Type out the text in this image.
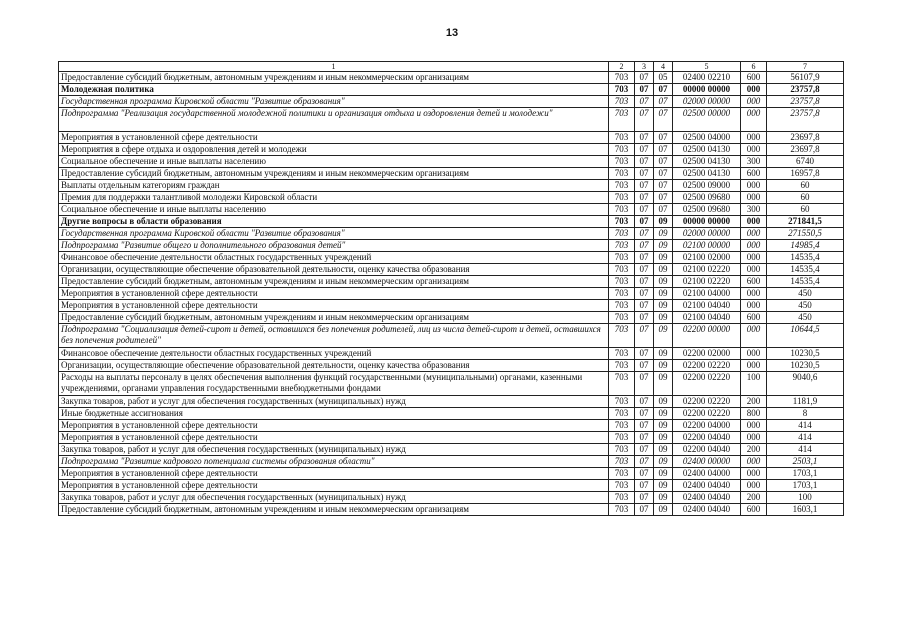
13
1	2	3	4	5	6	7
Предоставление субсидий бюджетным, автономным учреждениям и иным некоммерческим организациям	703	07	05	02400 02210	600	56107,9
Молодежная политика	703	07	07	00000 00000	000	23757,8
Государственная программа Кировской области "Развитие образования"	703	07	07	02000 00000	000	23757,8
Подпрограмма "Реализация государственной молодежной политики и организация отдыха и оздоровления детей и молодежи"	703	07	07	02500 00000	000	23757,8
Мероприятия в установленной сфере деятельности	703	07	07	02500 04000	000	23697,8
Мероприятия в сфере отдыха и оздоровления детей и молодежи	703	07	07	02500 04130	000	23697,8
Социальное обеспечение и иные выплаты населению	703	07	07	02500 04130	300	6740
Предоставление субсидий бюджетным, автономным учреждениям и иным некоммерческим организациям	703	07	07	02500 04130	600	16957,8
Выплаты отдельным категориям граждан	703	07	07	02500 09000	000	60
Премия для поддержки талантливой молодежи Кировской области	703	07	07	02500 09680	000	60
Социальное обеспечение и иные выплаты населению	703	07	07	02500 09680	300	60
Другие вопросы в области образования	703	07	09	00000 00000	000	271841,5
Государственная программа Кировской области "Развитие образования"	703	07	09	02000 00000	000	271550,5
Подпрограмма "Развитие общего и дополнительного образования детей"	703	07	09	02100 00000	000	14985,4
Финансовое обеспечение деятельности областных государственных учреждений	703	07	09	02100 02000	000	14535,4
Организации, осуществляющие обеспечение образовательной деятельности, оценку качества образования	703	07	09	02100 02220	000	14535,4
Предоставление субсидий бюджетным, автономным учреждениям и иным некоммерческим организациям	703	07	09	02100 02220	600	14535,4
Мероприятия в установленной сфере деятельности	703	07	09	02100 04000	000	450
Мероприятия в установленной сфере деятельности	703	07	09	02100 04040	000	450
Предоставление субсидий бюджетным, автономным учреждениям и иным некоммерческим организациям	703	07	09	02100 04040	600	450
Подпрограмма "Социализация детей-сирот и детей, оставшихся без попечения родителей, лиц из числа детей-сирот и детей, оставшихся без попечения родителей"	703	07	09	02200 00000	000	10644,5
Финансовое обеспечение деятельности областных государственных учреждений	703	07	09	02200 02000	000	10230,5
Организации, осуществляющие обеспечение образовательной деятельности, оценку качества образования	703	07	09	02200 02220	000	10230,5
Расходы на выплаты персоналу в целях обеспечения выполнения функций государственными (муниципальными) органами, казенными учреждениями, органами управления государственными внебюджетными фондами	703	07	09	02200 02220	100	9040,6
Закупка товаров, работ и услуг для обеспечения государственных (муниципальных) нужд	703	07	09	02200 02220	200	1181,9
Иные бюджетные ассигнования	703	07	09	02200 02220	800	8
Мероприятия в установленной сфере деятельности	703	07	09	02200 04000	000	414
Мероприятия в установленной сфере деятельности	703	07	09	02200 04040	000	414
Закупка товаров, работ и услуг для обеспечения государственных (муниципальных) нужд	703	07	09	02200 04040	200	414
Подпрограмма "Развитие кадрового потенциала системы образования области"	703	07	09	02400 00000	000	2503,1
Мероприятия в установленной сфере деятельности	703	07	09	02400 04000	000	1703,1
Мероприятия в установленной сфере деятельности	703	07	09	02400 04040	000	1703,1
Закупка товаров, работ и услуг для обеспечения государственных (муниципальных) нужд	703	07	09	02400 04040	200	100
Предоставление субсидий бюджетным, автономным учреждениям и иным некоммерческим организациям	703	07	09	02400 04040	600	1603,1
